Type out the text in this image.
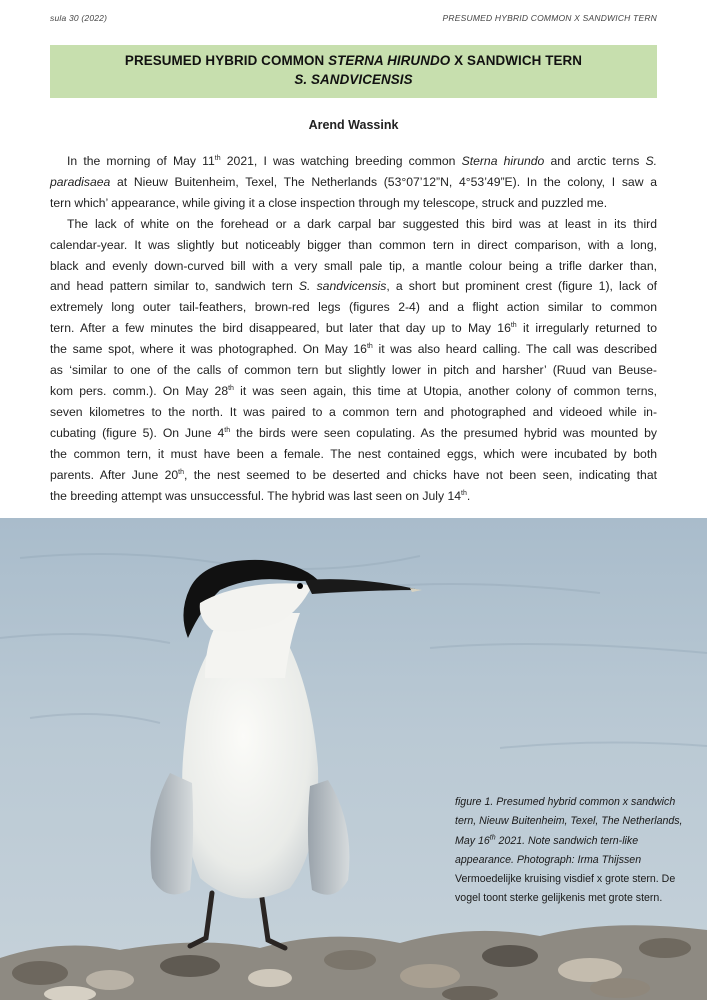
sula 30 (2022)	PRESUMED HYBRID COMMON X SANDWICH TERN
PRESUMED HYBRID COMMON STERNA HIRUNDO X SANDWICH TERN
S. SANDVICENSIS
Arend Wassink
In the morning of May 11th 2021, I was watching breeding common Sterna hirundo and arctic terns S.
paradisaea at Nieuw Buitenheim, Texel, The Netherlands (53°07’12”N, 4°53’49”E). In the colony, I saw a
tern which’ appearance, while giving it a close inspection through my telescope, struck and puzzled me.
The lack of white on the forehead or a dark carpal bar suggested this bird was at least in its third
calendar-year. It was slightly but noticeably bigger than common tern in direct comparison, with a long,
black and evenly down-curved bill with a very small pale tip, a mantle colour being a trifle darker than,
and head pattern similar to, sandwich tern S. sandvicensis, a short but prominent crest (figure 1), lack of
extremely long outer tail-feathers, brown-red legs (figures 2-4) and a flight action similar to common
tern. After a few minutes the bird disappeared, but later that day up to May 16th it irregularly returned to
the same spot, where it was photographed. On May 16th it was also heard calling. The call was described
as ‘similar to one of the calls of common tern but slightly lower in pitch and harsher’ (Ruud van Beuse-
kom pers. comm.). On May 28th it was seen again, this time at Utopia, another colony of common terns,
seven kilometres to the north. It was paired to a common tern and photographed and videoed while in-
cubating (figure 5). On June 4th the birds were seen copulating. As the presumed hybrid was mounted by
the common tern, it must have been a female. The nest contained eggs, which were incubated by both
parents. After June 20th, the nest seemed to be deserted and chicks have not been seen, indicating that
the breeding attempt was unsuccessful. The hybrid was last seen on July 14th.
figure 1. Presumed hybrid common x sandwich
tern, Nieuw Buitenheim, Texel, The Netherlands,
May 16th 2021. Note sandwich tern-like
appearance. Photograph: Irma Thijssen
Vermoedelijke kruising visdief x grote stern. De
vogel toont sterke gelijkenis met grote stern.
